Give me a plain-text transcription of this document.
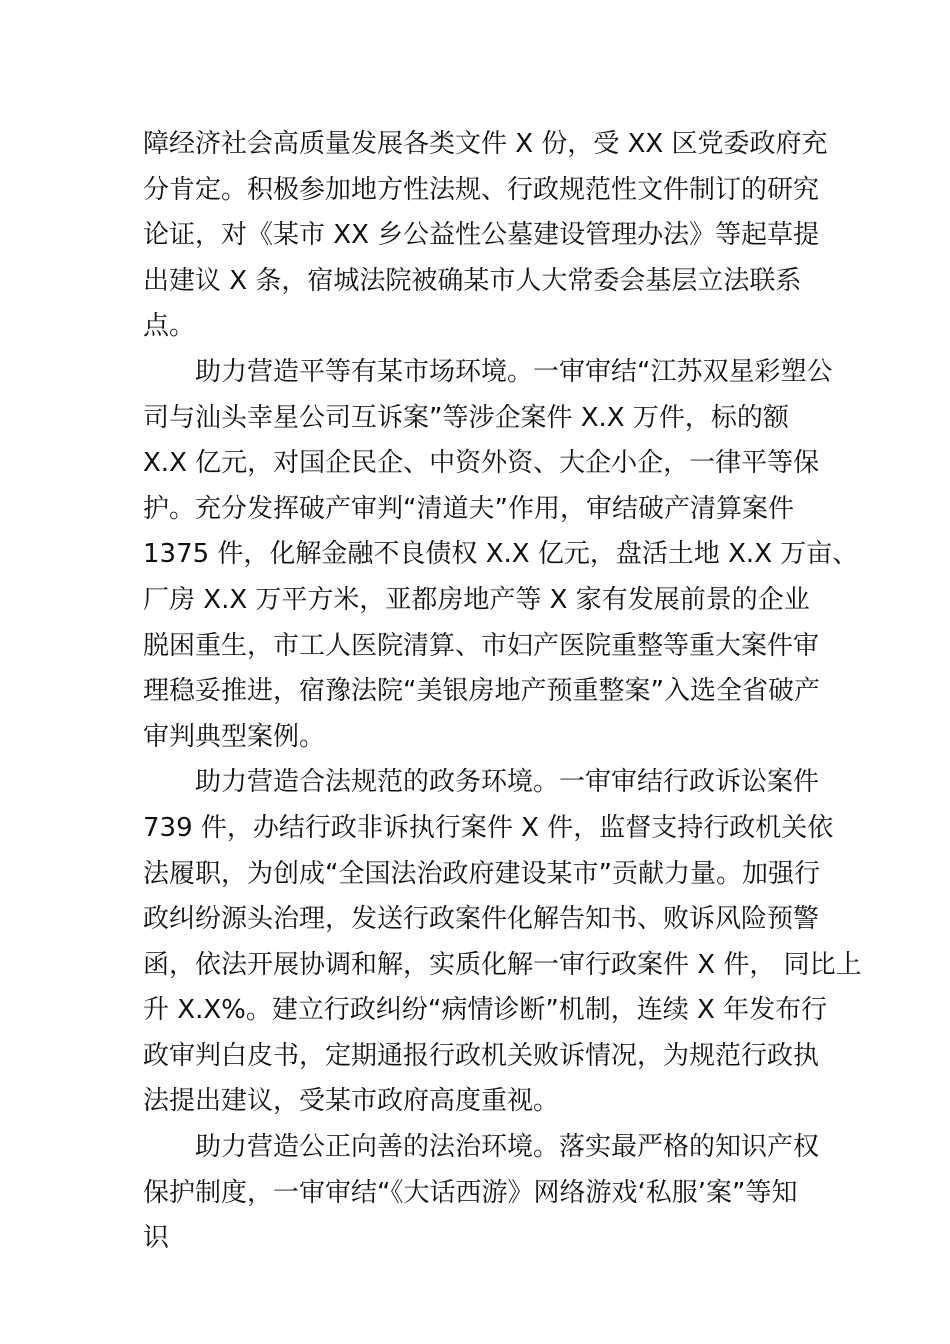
障经济社会高质量发展各类文件 X 份，受 XX 区党委政府充
分肯定。积极参加地方性法规、行政规范性文件制订的研究
论证，对《某市 XX 乡公益性公墓建设管理办法》等起草提
出建议 X 条，宿城法院被确某市人大常委会基层立法联系
点。
助力营造平等有某市场环境。一审审结“江苏双星彩塑公
司与汕头幸星公司互诉案”等涉企案件 X.X 万件，标的额
X.X 亿元，对国企民企、中资外资、大企小企，一律平等保
护。充分发挥破产审判“清道夫”作用，审结破产清算案件
1375 件，化解金融不良债权 X.X 亿元，盘活土地 X.X 万亩、
厂房 X.X 万平方米，亚都房地产等 X 家有发展前景的企业
脱困重生，市工人医院清算、市妇产医院重整等重大案件审
理稳妥推进，宿豫法院“美银房地产预重整案”入选全省破产
审判典型案例。
助力营造合法规范的政务环境。一审审结行政诉讼案件
739 件，办结行政非诉执行案件 X 件，监督支持行政机关依
法履职，为创成“全国法治政府建设某市”贡献力量。加强行
政纠纷源头治理，发送行政案件化解告知书、败诉风险预警
函，依法开展协调和解，实质化解一审行政案件 X 件， 同比上
升 X.X%。建立行政纠纷“病情诊断”机制，连续 X 年发布行
政审判白皮书，定期通报行政机关败诉情况，为规范行政执
法提出建议，受某市政府高度重视。
助力营造公正向善的法治环境。落实最严格的知识产权
保护制度，一审审结“《大话西游》网络游戏‘私服’案”等知
识
